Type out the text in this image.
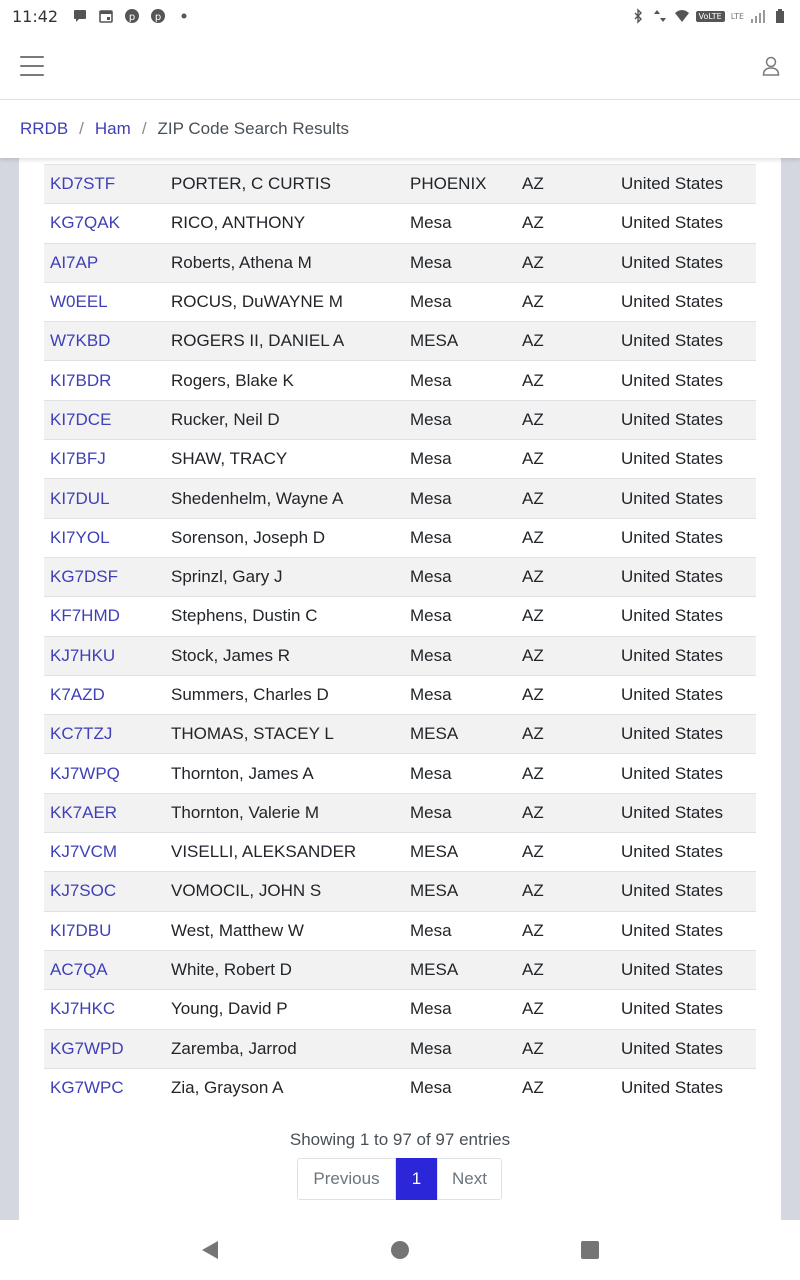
11:42	p p	VoLTE	LTE
RRDB / Ham / ZIP Code Search Results
KD7STF	PORTER, C CURTIS	PHOENIX	AZ	United States
KG7QAK	RICO, ANTHONY	Mesa	AZ	United States
AI7AP	Roberts, Athena M	Mesa	AZ	United States
W0EEL	ROCUS, DuWAYNE M	Mesa	AZ	United States
W7KBD	ROGERS II, DANIEL A	MESA	AZ	United States
KI7BDR	Rogers, Blake K	Mesa	AZ	United States
KI7DCE	Rucker, Neil D	Mesa	AZ	United States
KI7BFJ	SHAW, TRACY	Mesa	AZ	United States
KI7DUL	Shedenhelm, Wayne A	Mesa	AZ	United States
KI7YOL	Sorenson, Joseph D	Mesa	AZ	United States
KG7DSF	Sprinzl, Gary J	Mesa	AZ	United States
KF7HMD	Stephens, Dustin C	Mesa	AZ	United States
KJ7HKU	Stock, James R	Mesa	AZ	United States
K7AZD	Summers, Charles D	Mesa	AZ	United States
KC7TZJ	THOMAS, STACEY L	MESA	AZ	United States
KJ7WPQ	Thornton, James A	Mesa	AZ	United States
KK7AER	Thornton, Valerie M	Mesa	AZ	United States
KJ7VCM	VISELLI, ALEKSANDER	MESA	AZ	United States
KJ7SOC	VOMOCIL, JOHN S	MESA	AZ	United States
KI7DBU	West, Matthew W	Mesa	AZ	United States
AC7QA	White, Robert D	MESA	AZ	United States
KJ7HKC	Young, David P	Mesa	AZ	United States
KG7WPD	Zaremba, Jarrod	Mesa	AZ	United States
KG7WPC	Zia, Grayson A	Mesa	AZ	United States
Showing 1 to 97 of 97 entries
Previous	1	Next
